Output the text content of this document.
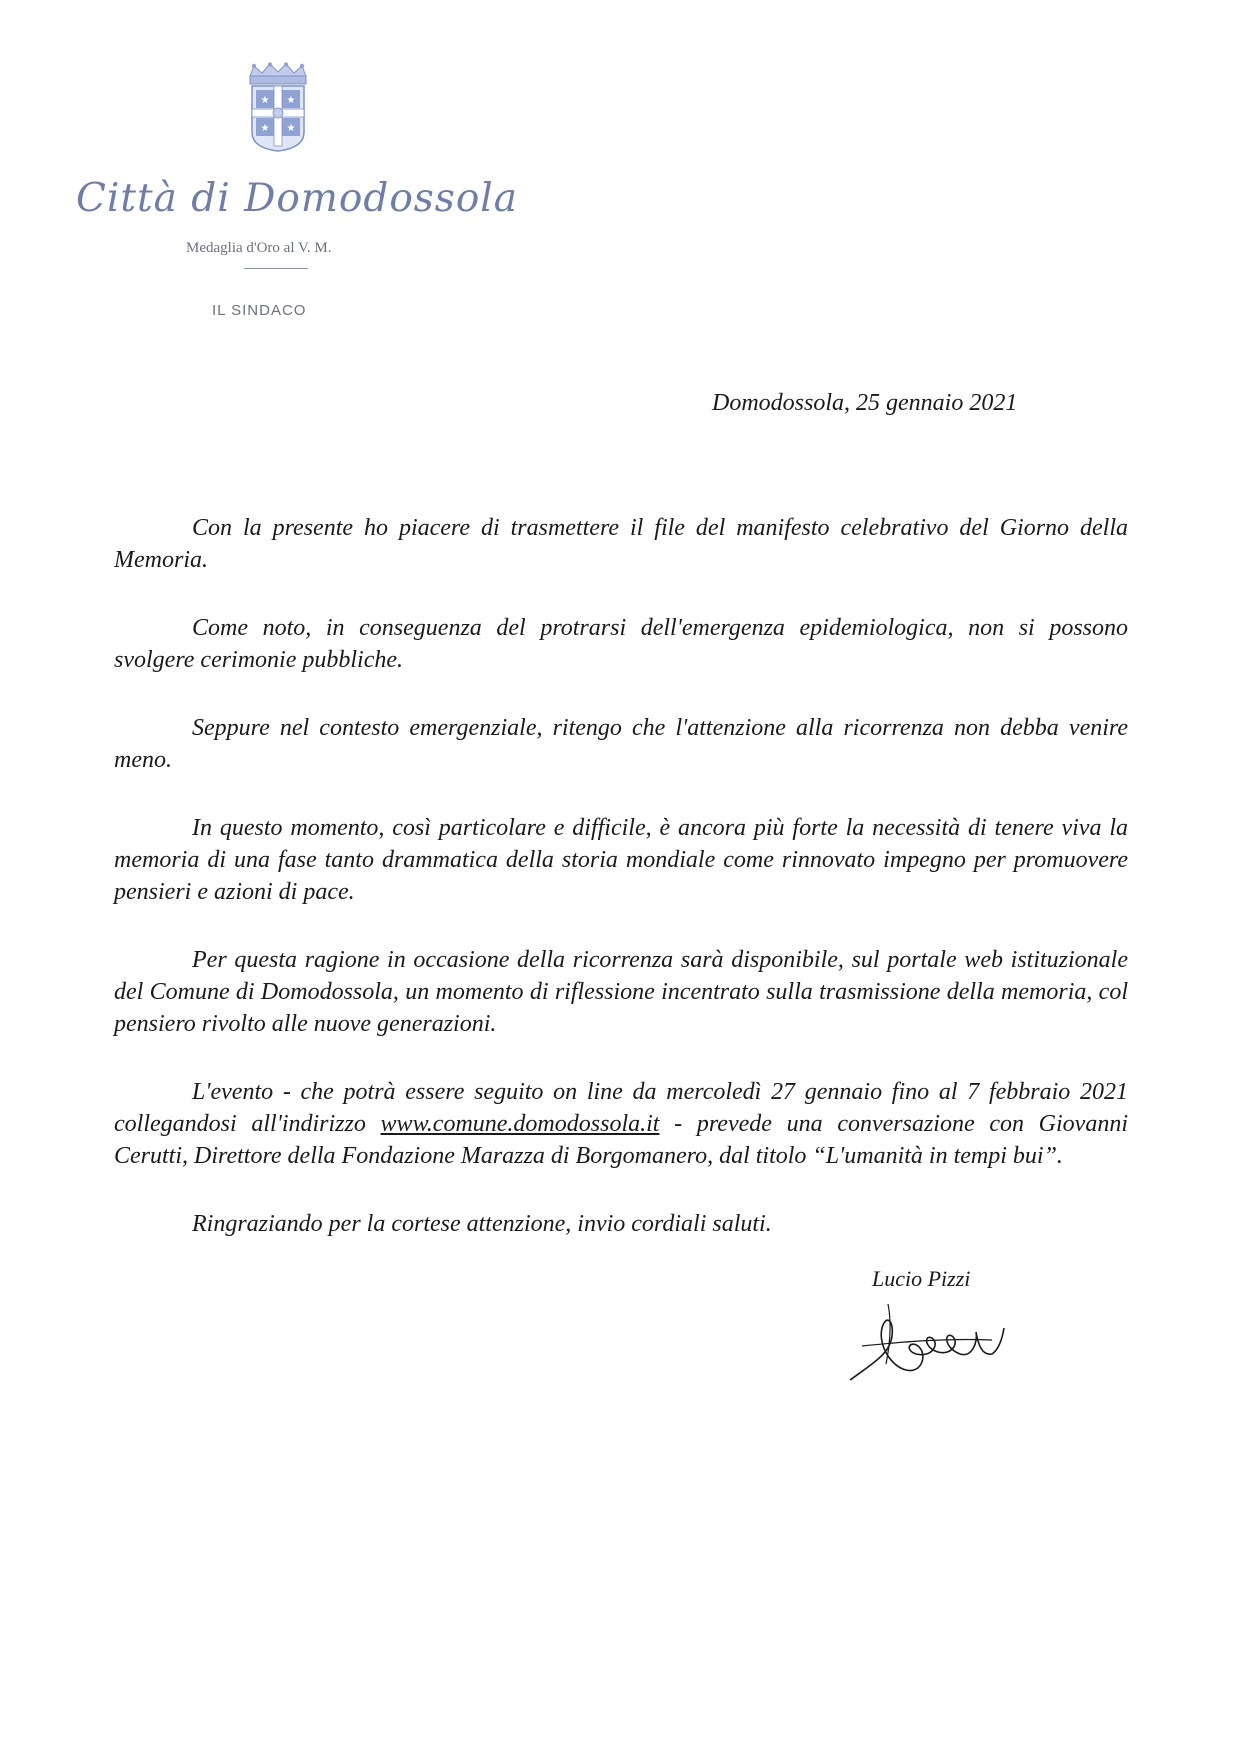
★ ★
★ ★
Città di Domodossola
Medaglia d'Oro al V. M.
IL SINDACO
Domodossola, 25 gennaio 2021

Con la presente ho piacere di trasmettere il file del manifesto celebrativo del Giorno della Memoria.

Come noto, in conseguenza del protrarsi dell'emergenza epidemiologica, non si possono svolgere cerimonie pubbliche.

Seppure nel contesto emergenziale, ritengo che l'attenzione alla ricorrenza non debba venire meno.

In questo momento, così particolare e difficile, è ancora più forte la necessità di tenere viva la memoria di una fase tanto drammatica della storia mondiale come rinnovato impegno per promuovere pensieri e azioni di pace.

Per questa ragione in occasione della ricorrenza sarà disponibile, sul portale web istituzionale del Comune di Domodossola, un momento di riflessione incentrato sulla trasmissione della memoria, col pensiero rivolto alle nuove generazioni.

L'evento - che potrà essere seguito on line da mercoledì 27 gennaio fino al 7 febbraio 2021 collegandosi all'indirizzo www.comune.domodossola.it - prevede una conversazione con Giovanni Cerutti, Direttore della Fondazione Marazza di Borgomanero, dal titolo “L'umanità in tempi bui”.

Ringraziando per la cortese attenzione, invio cordiali saluti.

Lucio Pizzi
